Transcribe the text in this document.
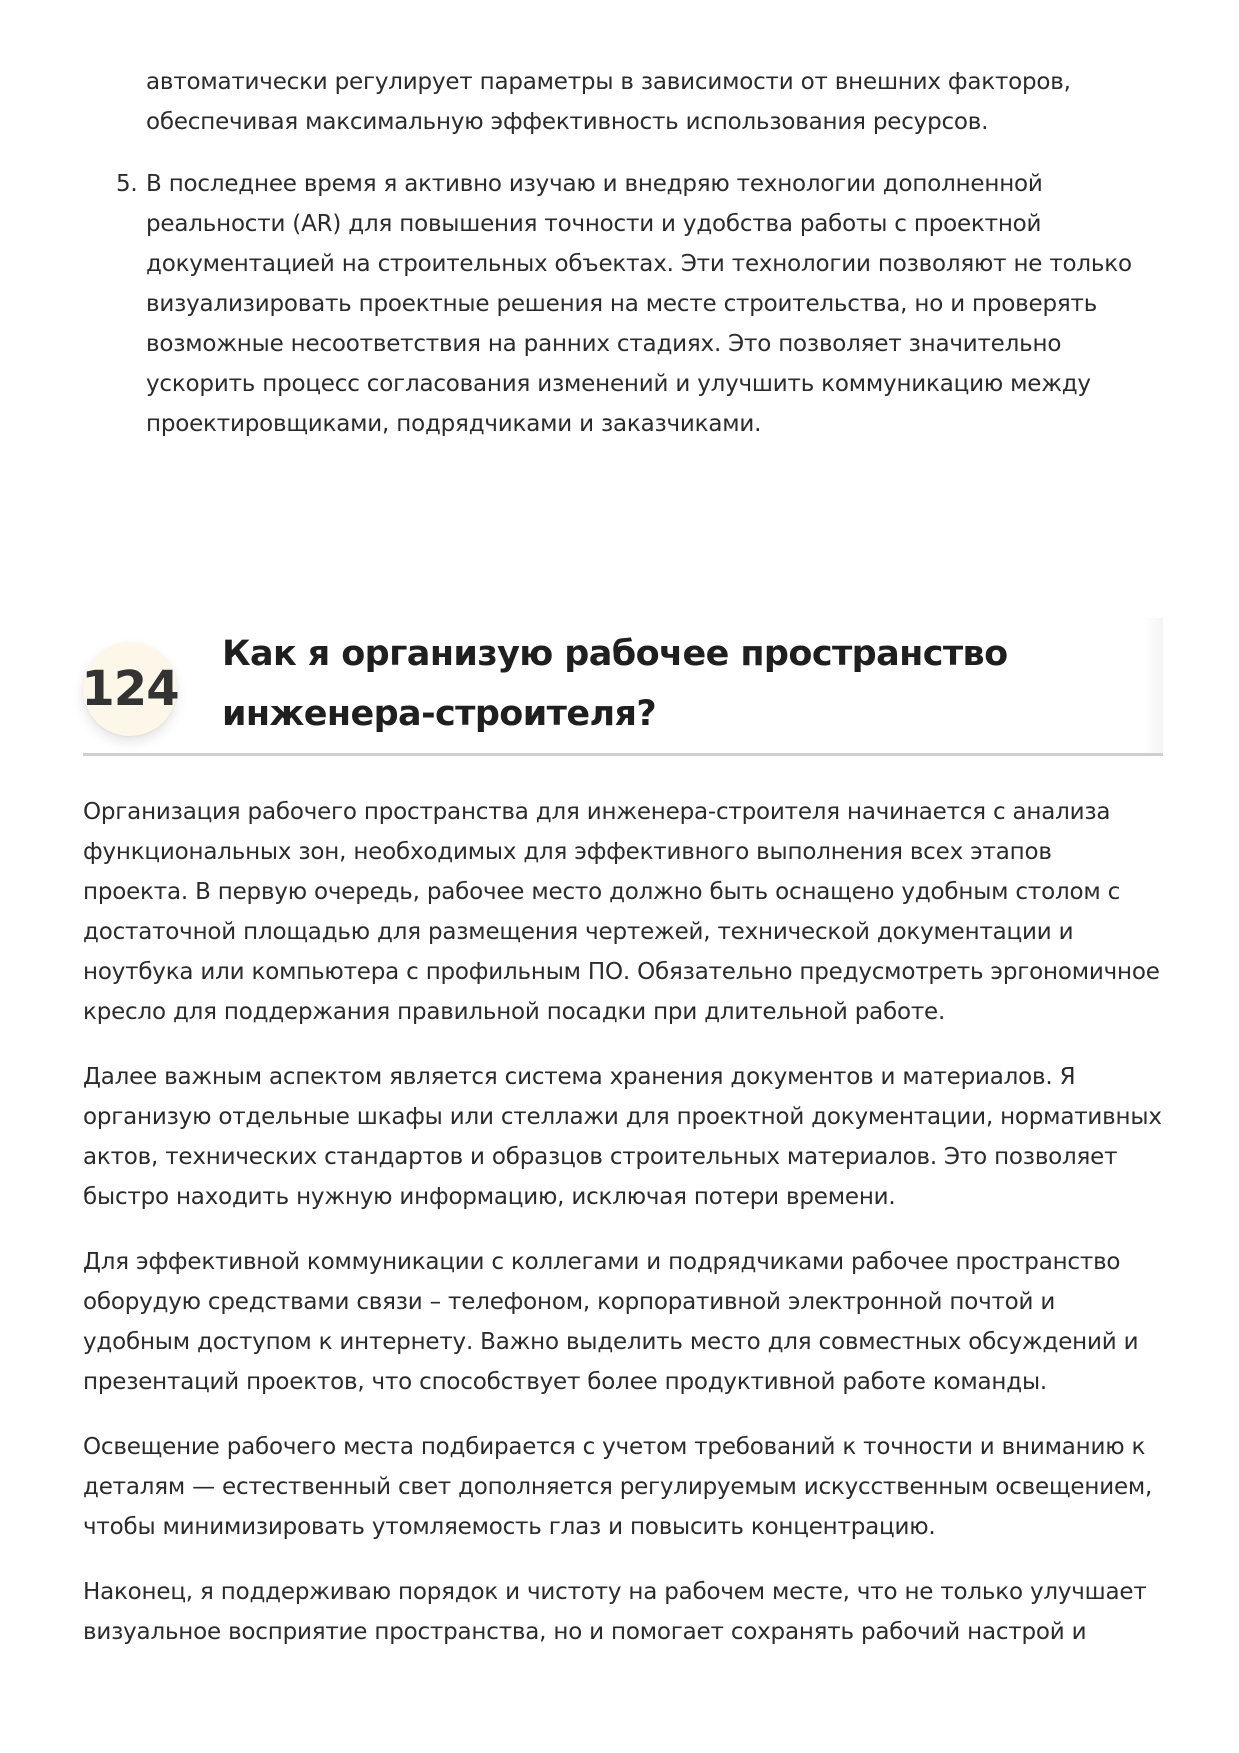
автоматически регулирует параметры в зависимости от внешних факторов, обеспечивая максимальную эффективность использования ресурсов.

5. В последнее время я активно изучаю и внедряю технологии дополненной реальности (AR) для повышения точности и удобства работы с проектной документацией на строительных объектах. Эти технологии позволяют не только визуализировать проектные решения на месте строительства, но и проверять возможные несоответствия на ранних стадиях. Это позволяет значительно ускорить процесс согласования изменений и улучшить коммуникацию между проектировщиками, подрядчиками и заказчиками.

124
Как я организую рабочее пространство инженера-строителя?

Организация рабочего пространства для инженера-строителя начинается с анализа функциональных зон, необходимых для эффективного выполнения всех этапов проекта. В первую очередь, рабочее место должно быть оснащено удобным столом с достаточной площадью для размещения чертежей, технической документации и ноутбука или компьютера с профильным ПО. Обязательно предусмотреть эргономичное кресло для поддержания правильной посадки при длительной работе.

Далее важным аспектом является система хранения документов и материалов. Я организую отдельные шкафы или стеллажи для проектной документации, нормативных актов, технических стандартов и образцов строительных материалов. Это позволяет быстро находить нужную информацию, исключая потери времени.

Для эффективной коммуникации с коллегами и подрядчиками рабочее пространство оборудую средствами связи – телефоном, корпоративной электронной почтой и удобным доступом к интернету. Важно выделить место для совместных обсуждений и презентаций проектов, что способствует более продуктивной работе команды.

Освещение рабочего места подбирается с учетом требований к точности и вниманию к деталям — естественный свет дополняется регулируемым искусственным освещением, чтобы минимизировать утомляемость глаз и повысить концентрацию.

Наконец, я поддерживаю порядок и чистоту на рабочем месте, что не только улучшает визуальное восприятие пространства, но и помогает сохранять рабочий настрой и
